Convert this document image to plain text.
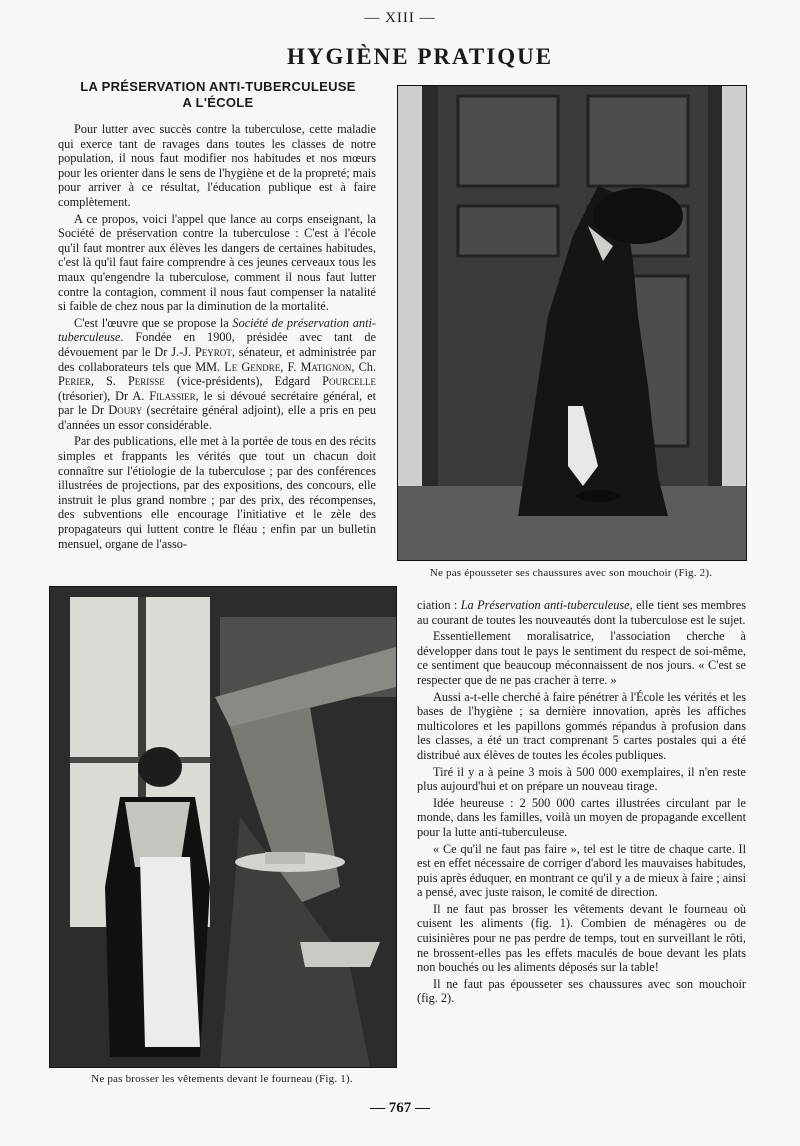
— XIII —
HYGIÈNE PRATIQUE
LA PRÉSERVATION ANTI-TUBERCULEUSE
A L'ÉCOLE

Pour lutter avec succès contre la tuberculose, cette maladie qui exerce tant de ravages dans toutes les classes de notre population, il nous faut modifier nos habitudes et nos mœurs pour les orienter dans le sens de l'hygiène et de la propreté; mais pour arriver à ce résultat, l'éducation publique est à faire complètement.

A ce propos, voici l'appel que lance au corps enseignant, la Société de préservation contre la tuberculose : C'est à l'école qu'il faut montrer aux élèves les dangers de certaines habitudes, c'est là qu'il faut faire comprendre à ces jeunes cerveaux tous les maux qu'engendre la tuberculose, comment il nous faut lutter contre la contagion, comment il nous faut compenser la natalité si faible de chez nous par la diminution de la mortalité.

C'est l'œuvre que se propose la Société de préservation anti-tuberculeuse. Fondée en 1900, présidée avec tant de dévouement par le Dr J.-J. Peyrot, sénateur, et administrée par des collaborateurs tels que MM. Le Gendre, F. Matignon, Ch. Perier, S. Perisse (vice-présidents), Edgard Pourcelle (trésorier), Dr A. Filassier, le si dévoué secrétaire général, et par le Dr Doury (secrétaire général adjoint), elle a pris en peu d'années un essor considérable.

Par des publications, elle met à la portée de tous en des récits simples et frappants les vérités que tout un chacun doit connaître sur l'étiologie de la tuberculose ; par des conférences illustrées de projections, par des expositions, des concours, elle instruit le plus grand nombre ; par des prix, des récompenses, des subventions elle encourage l'initiative et le zèle des propagateurs qui luttent contre le fléau ; enfin par un bulletin mensuel, organe de l'asso-

Ne pas épousseter ses chaussures avec son mouchoir (Fig. 2).
Ne pas brosser les vêtements devant le fourneau (Fig. 1).

ciation : La Préservation anti-tuberculeuse, elle tient ses membres au courant de toutes les nouveautés dont la tuberculose est le sujet.

Essentiellement moralisatrice, l'association cherche à développer dans tout le pays le sentiment du respect de soi-même, ce sentiment que beaucoup méconnaissent de nos jours. « C'est se respecter que de ne pas cracher à terre. »

Aussi a-t-elle cherché à faire pénétrer à l'École les vérités et les bases de l'hygiène ; sa dernière innovation, après les affiches multicolores et les papillons gommés répandus à profusion dans les classes, a été un tract comprenant 5 cartes postales qui a été distribué aux élèves de toutes les écoles publiques.

Tiré il y a à peine 3 mois à 500 000 exemplaires, il n'en reste plus aujourd'hui et on prépare un nouveau tirage.

Idée heureuse : 2 500 000 cartes illustrées circulant par le monde, dans les familles, voilà un moyen de propagande excellent pour la lutte anti-tuberculeuse.

« Ce qu'il ne faut pas faire », tel est le titre de chaque carte. Il est en effet nécessaire de corriger d'abord les mauvaises habitudes, puis après éduquer, en montrant ce qu'il y a de mieux à faire ; ainsi a pensé, avec juste raison, le comité de direction.

Il ne faut pas brosser les vêtements devant le fourneau où cuisent les aliments (fig. 1). Combien de ménagères ou de cuisinières pour ne pas perdre de temps, tout en surveillant le rôti, ne brossent-elles pas les effets maculés de boue devant les plats non bouchés ou les aliments déposés sur la table!

Il ne faut pas épousseter ses chaussures avec son mouchoir (fig. 2).

— 767 —
